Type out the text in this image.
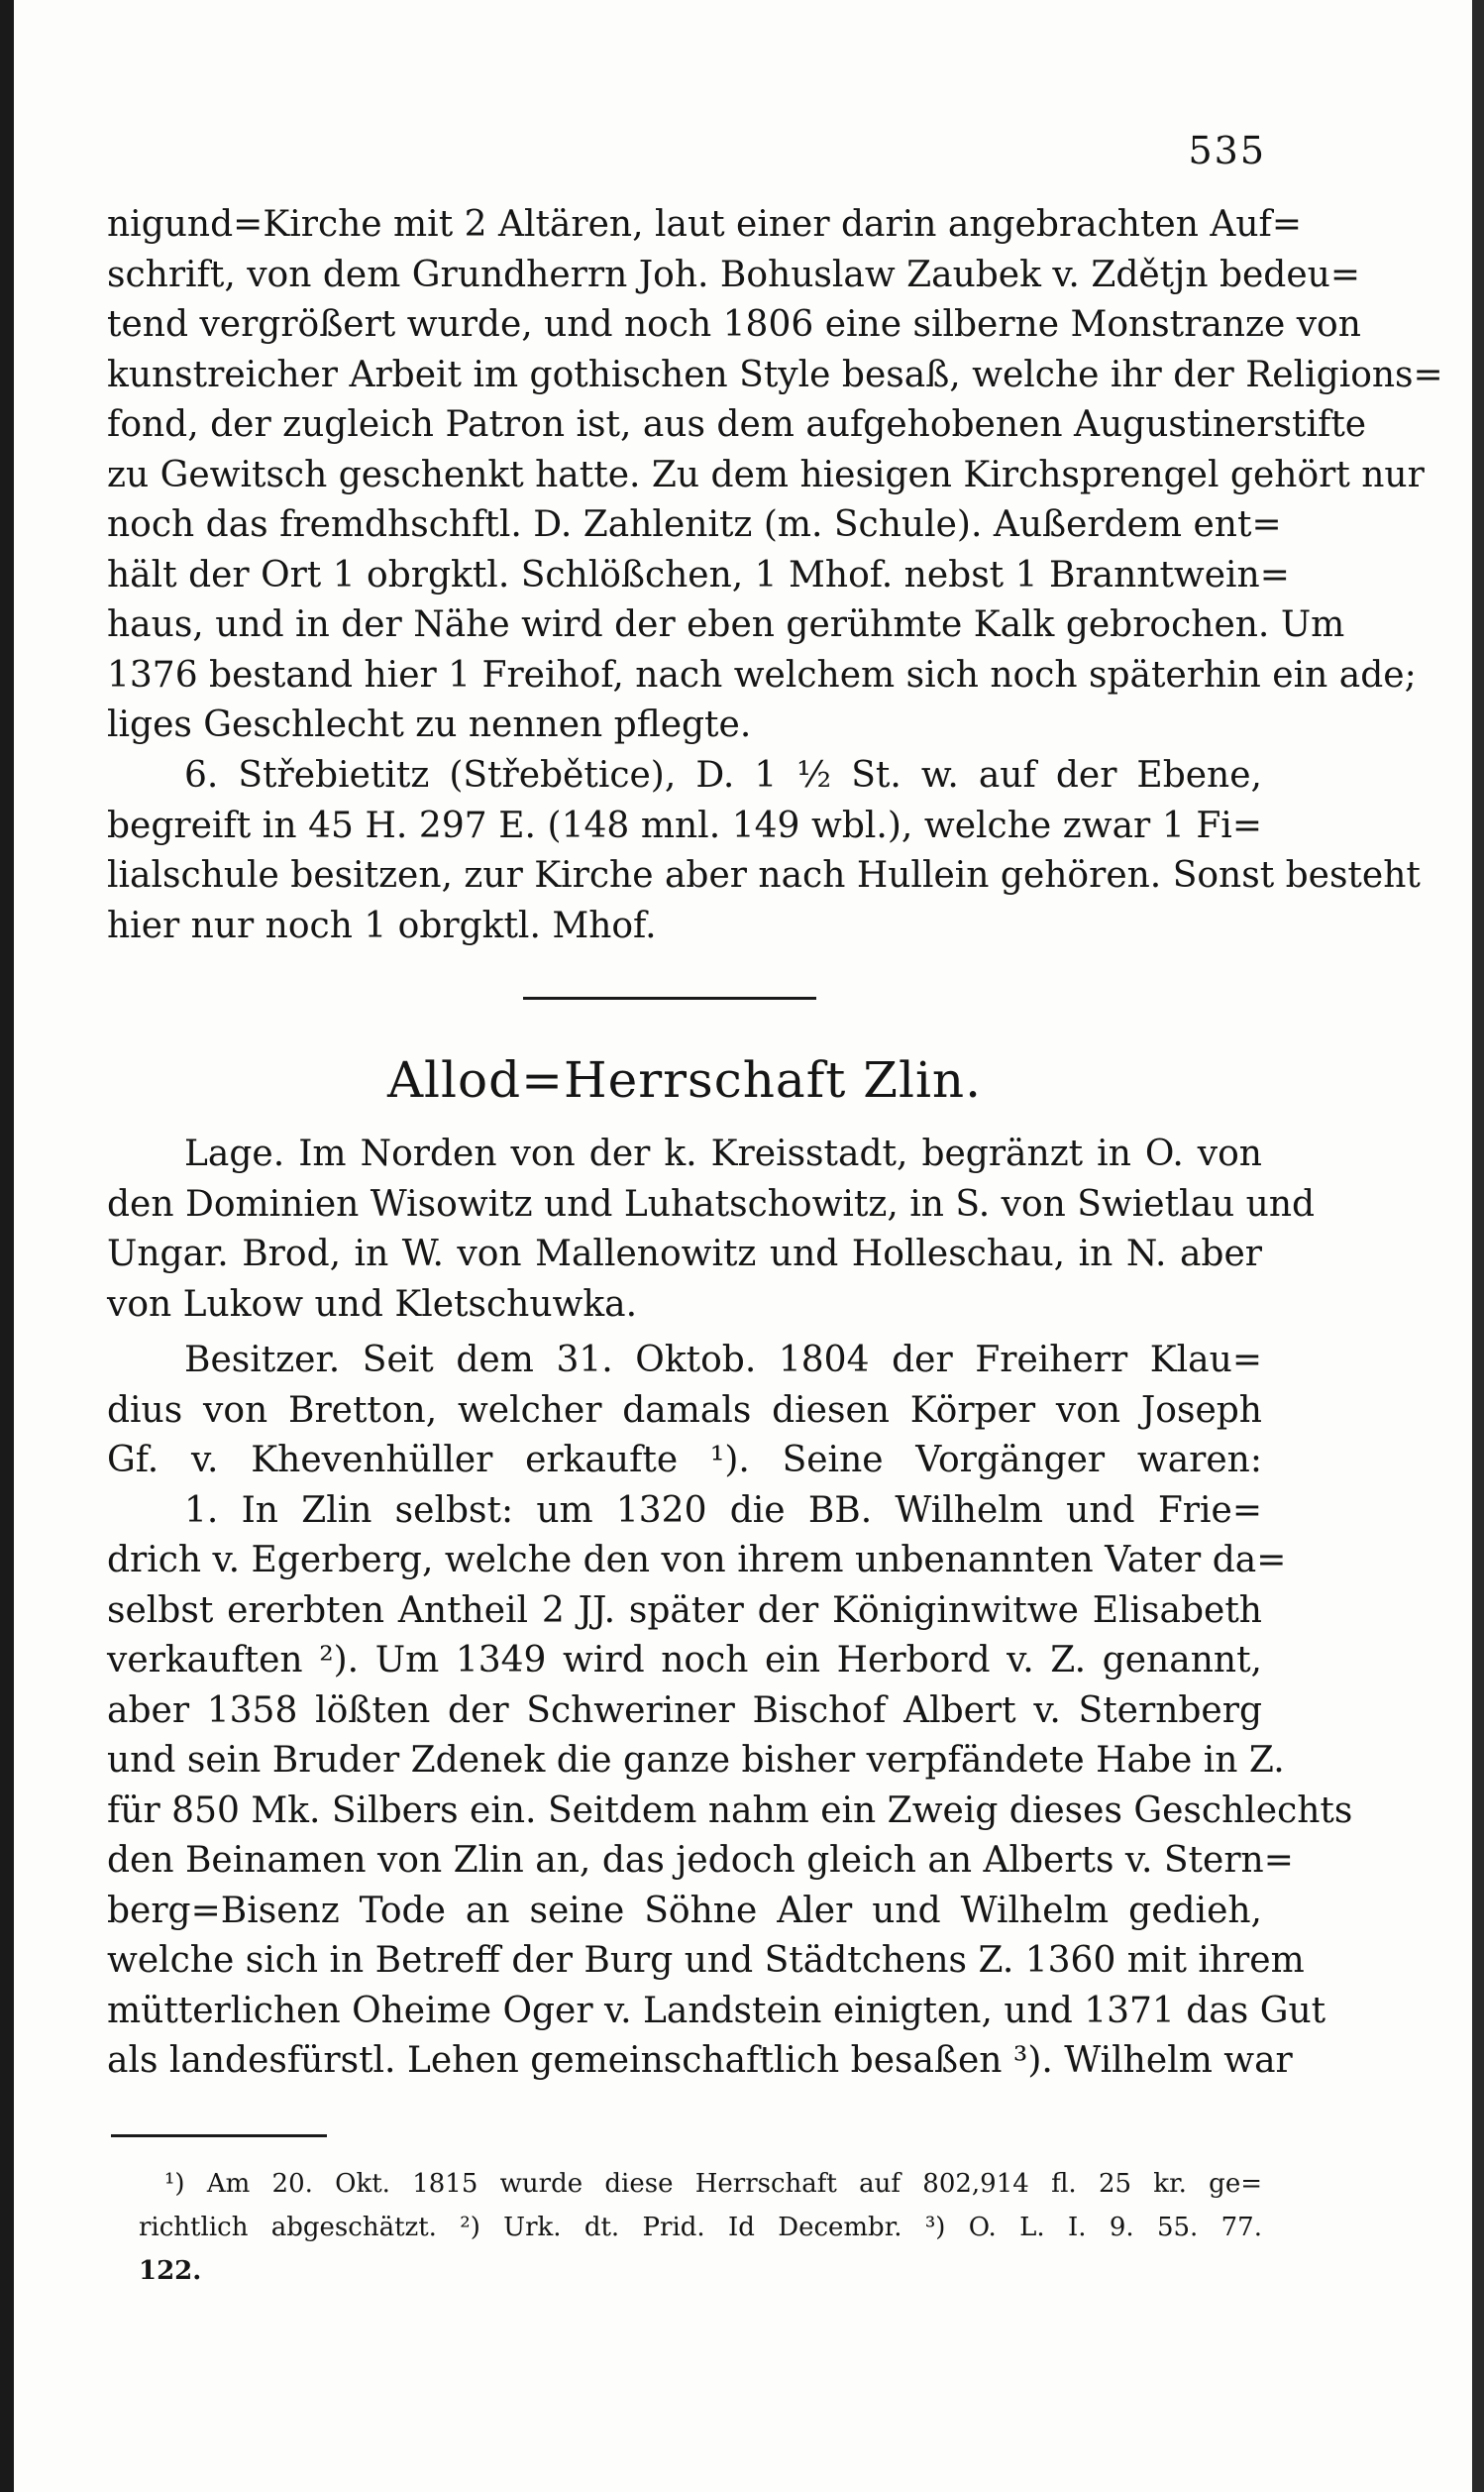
535
nigund=Kirche mit 2 Altären, laut einer darin angebrachten Auf=
schrift, von dem Grundherrn Joh. Bohuslaw Zaubek v. Zdětjn bedeu=
tend vergrößert wurde, und noch 1806 eine silberne Monstranze von
kunstreicher Arbeit im gothischen Style besaß, welche ihr der Religions=
fond, der zugleich Patron ist, aus dem aufgehobenen Augustinerstifte
zu Gewitsch geschenkt hatte. Zu dem hiesigen Kirchsprengel gehört nur
noch das fremdhschftl. D. Zahlenitz (m. Schule). Außerdem ent=
hält der Ort 1 obrgktl. Schlößchen, 1 Mhof. nebst 1 Branntwein=
haus, und in der Nähe wird der eben gerühmte Kalk gebrochen. Um
1376 bestand hier 1 Freihof, nach welchem sich noch späterhin ein ade;
liges Geschlecht zu nennen pflegte.
6. Střebietitz (Střebětice), D. 1 ½ St. w. auf der Ebene,
begreift in 45 H. 297 E. (148 mnl. 149 wbl.), welche zwar 1 Fi=
lialschule besitzen, zur Kirche aber nach Hullein gehören. Sonst besteht
hier nur noch 1 obrgktl. Mhof.
Allod=Herrschaft Zlin.
Lage. Im Norden von der k. Kreisstadt, begränzt in O. von
den Dominien Wisowitz und Luhatschowitz, in S. von Swietlau und
Ungar. Brod, in W. von Mallenowitz und Holleschau, in N. aber
von Lukow und Kletschuwka.
Besitzer. Seit dem 31. Oktob. 1804 der Freiherr Klau=
dius von Bretton, welcher damals diesen Körper von Joseph
Gf. v. Khevenhüller erkaufte ¹). Seine Vorgänger waren:
1. In Zlin selbst: um 1320 die BB. Wilhelm und Frie=
drich v. Egerberg, welche den von ihrem unbenannten Vater da=
selbst ererbten Antheil 2 JJ. später der Königinwitwe Elisabeth
verkauften ²). Um 1349 wird noch ein Herbord v. Z. genannt,
aber 1358 lößten der Schweriner Bischof Albert v. Sternberg
und sein Bruder Zdenek die ganze bisher verpfändete Habe in Z.
für 850 Mk. Silbers ein. Seitdem nahm ein Zweig dieses Geschlechts
den Beinamen von Zlin an, das jedoch gleich an Alberts v. Stern=
berg=Bisenz Tode an seine Söhne Aler und Wilhelm gedieh,
welche sich in Betreff der Burg und Städtchens Z. 1360 mit ihrem
mütterlichen Oheime Oger v. Landstein einigten, und 1371 das Gut
als landesfürstl. Lehen gemeinschaftlich besaßen ³). Wilhelm war
¹) Am 20. Okt. 1815 wurde diese Herrschaft auf 802,914 fl. 25 kr. ge=
richtlich abgeschätzt. ²) Urk. dt. Prid. Id Decembr. ³) O. L. I. 9. 55. 77.
122.
